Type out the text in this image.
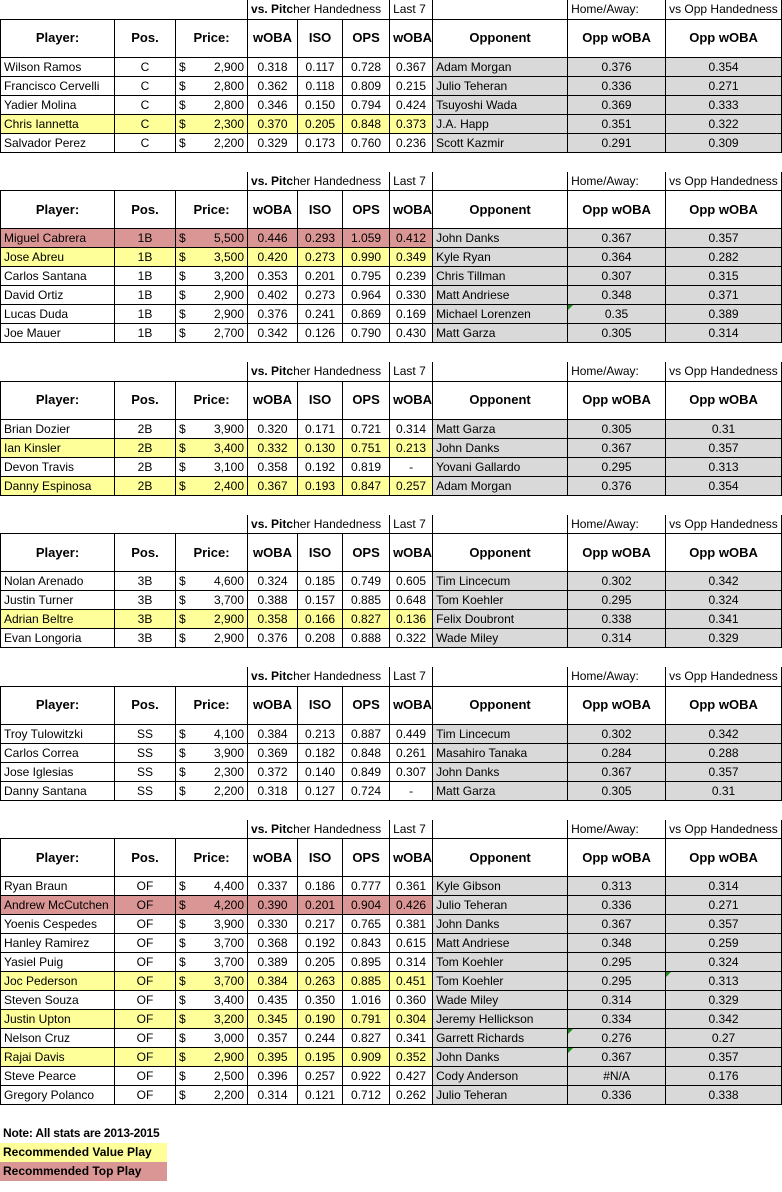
			vs. Pitcher Handedness			Last 7		Home/Away:	vs Opp Handedness
Player:	Pos.	Price:	wOBA	ISO	OPS	wOBA	Opponent	Opp wOBA	Opp wOBA
Wilson Ramos	C	$ 2,900	0.318	0.117	0.728	0.367	Adam Morgan	0.376	0.354
Francisco Cervelli	C	$ 2,800	0.362	0.118	0.809	0.215	Julio Teheran	0.336	0.271
Yadier Molina	C	$ 2,800	0.346	0.150	0.794	0.424	Tsuyoshi Wada	0.369	0.333
Chris Iannetta	C	$ 2,300	0.370	0.205	0.848	0.373	J.A. Happ	0.351	0.322
Salvador Perez	C	$ 2,200	0.329	0.173	0.760	0.236	Scott Kazmir	0.291	0.309
			vs. Pitcher Handedness			Last 7		Home/Away:	vs Opp Handedness
Player:	Pos.	Price:	wOBA	ISO	OPS	wOBA	Opponent	Opp wOBA	Opp wOBA
Miguel Cabrera	1B	$ 5,500	0.446	0.293	1.059	0.412	John Danks	0.367	0.357
Jose Abreu	1B	$ 3,500	0.420	0.273	0.990	0.349	Kyle Ryan	0.364	0.282
Carlos Santana	1B	$ 3,200	0.353	0.201	0.795	0.239	Chris Tillman	0.307	0.315
David Ortiz	1B	$ 2,900	0.402	0.273	0.964	0.330	Matt Andriese	0.348	0.371
Lucas Duda	1B	$ 2,900	0.376	0.241	0.869	0.169	Michael Lorenzen	0.35	0.389
Joe Mauer	1B	$ 2,700	0.342	0.126	0.790	0.430	Matt Garza	0.305	0.314
			vs. Pitcher Handedness			Last 7		Home/Away:	vs Opp Handedness
Player:	Pos.	Price:	wOBA	ISO	OPS	wOBA	Opponent	Opp wOBA	Opp wOBA
Brian Dozier	2B	$ 3,900	0.320	0.171	0.721	0.314	Matt Garza	0.305	0.31
Ian Kinsler	2B	$ 3,400	0.332	0.130	0.751	0.213	John Danks	0.367	0.357
Devon Travis	2B	$ 3,100	0.358	0.192	0.819	-	Yovani Gallardo	0.295	0.313
Danny Espinosa	2B	$ 2,400	0.367	0.193	0.847	0.257	Adam Morgan	0.376	0.354
			vs. Pitcher Handedness			Last 7		Home/Away:	vs Opp Handedness
Player:	Pos.	Price:	wOBA	ISO	OPS	wOBA	Opponent	Opp wOBA	Opp wOBA
Nolan Arenado	3B	$ 4,600	0.324	0.185	0.749	0.605	Tim Lincecum	0.302	0.342
Justin Turner	3B	$ 3,700	0.388	0.157	0.885	0.648	Tom Koehler	0.295	0.324
Adrian Beltre	3B	$ 2,900	0.358	0.166	0.827	0.136	Felix Doubront	0.338	0.341
Evan Longoria	3B	$ 2,900	0.376	0.208	0.888	0.322	Wade Miley	0.314	0.329
			vs. Pitcher Handedness			Last 7		Home/Away:	vs Opp Handedness
Player:	Pos.	Price:	wOBA	ISO	OPS	wOBA	Opponent	Opp wOBA	Opp wOBA
Troy Tulowitzki	SS	$ 4,100	0.384	0.213	0.887	0.449	Tim Lincecum	0.302	0.342
Carlos Correa	SS	$ 3,900	0.369	0.182	0.848	0.261	Masahiro Tanaka	0.284	0.288
Jose Iglesias	SS	$ 2,300	0.372	0.140	0.849	0.307	John Danks	0.367	0.357
Danny Santana	SS	$ 2,200	0.318	0.127	0.724	-	Matt Garza	0.305	0.31
			vs. Pitcher Handedness			Last 7		Home/Away:	vs Opp Handedness
Player:	Pos.	Price:	wOBA	ISO	OPS	wOBA	Opponent	Opp wOBA	Opp wOBA
Ryan Braun	OF	$ 4,400	0.337	0.186	0.777	0.361	Kyle Gibson	0.313	0.314
Andrew McCutchen	OF	$ 4,200	0.390	0.201	0.904	0.426	Julio Teheran	0.336	0.271
Yoenis Cespedes	OF	$ 3,900	0.330	0.217	0.765	0.381	John Danks	0.367	0.357
Hanley Ramirez	OF	$ 3,700	0.368	0.192	0.843	0.615	Matt Andriese	0.348	0.259
Yasiel Puig	OF	$ 3,700	0.389	0.205	0.895	0.314	Tom Koehler	0.295	0.324
Joc Pederson	OF	$ 3,700	0.384	0.263	0.885	0.451	Tom Koehler	0.295	0.313
Steven Souza	OF	$ 3,400	0.435	0.350	1.016	0.360	Wade Miley	0.314	0.329
Justin Upton	OF	$ 3,200	0.345	0.190	0.791	0.304	Jeremy Hellickson	0.334	0.342
Nelson Cruz	OF	$ 3,000	0.357	0.244	0.827	0.341	Garrett Richards	0.276	0.27
Rajai Davis	OF	$ 2,900	0.395	0.195	0.909	0.352	John Danks	0.367	0.357
Steve Pearce	OF	$ 2,500	0.396	0.257	0.922	0.427	Cody Anderson	#N/A	0.176
Gregory Polanco	OF	$ 2,200	0.314	0.121	0.712	0.262	Julio Teheran	0.336	0.338
Note: All stats are 2013-2015
Recommended Value Play
Recommended Top Play
